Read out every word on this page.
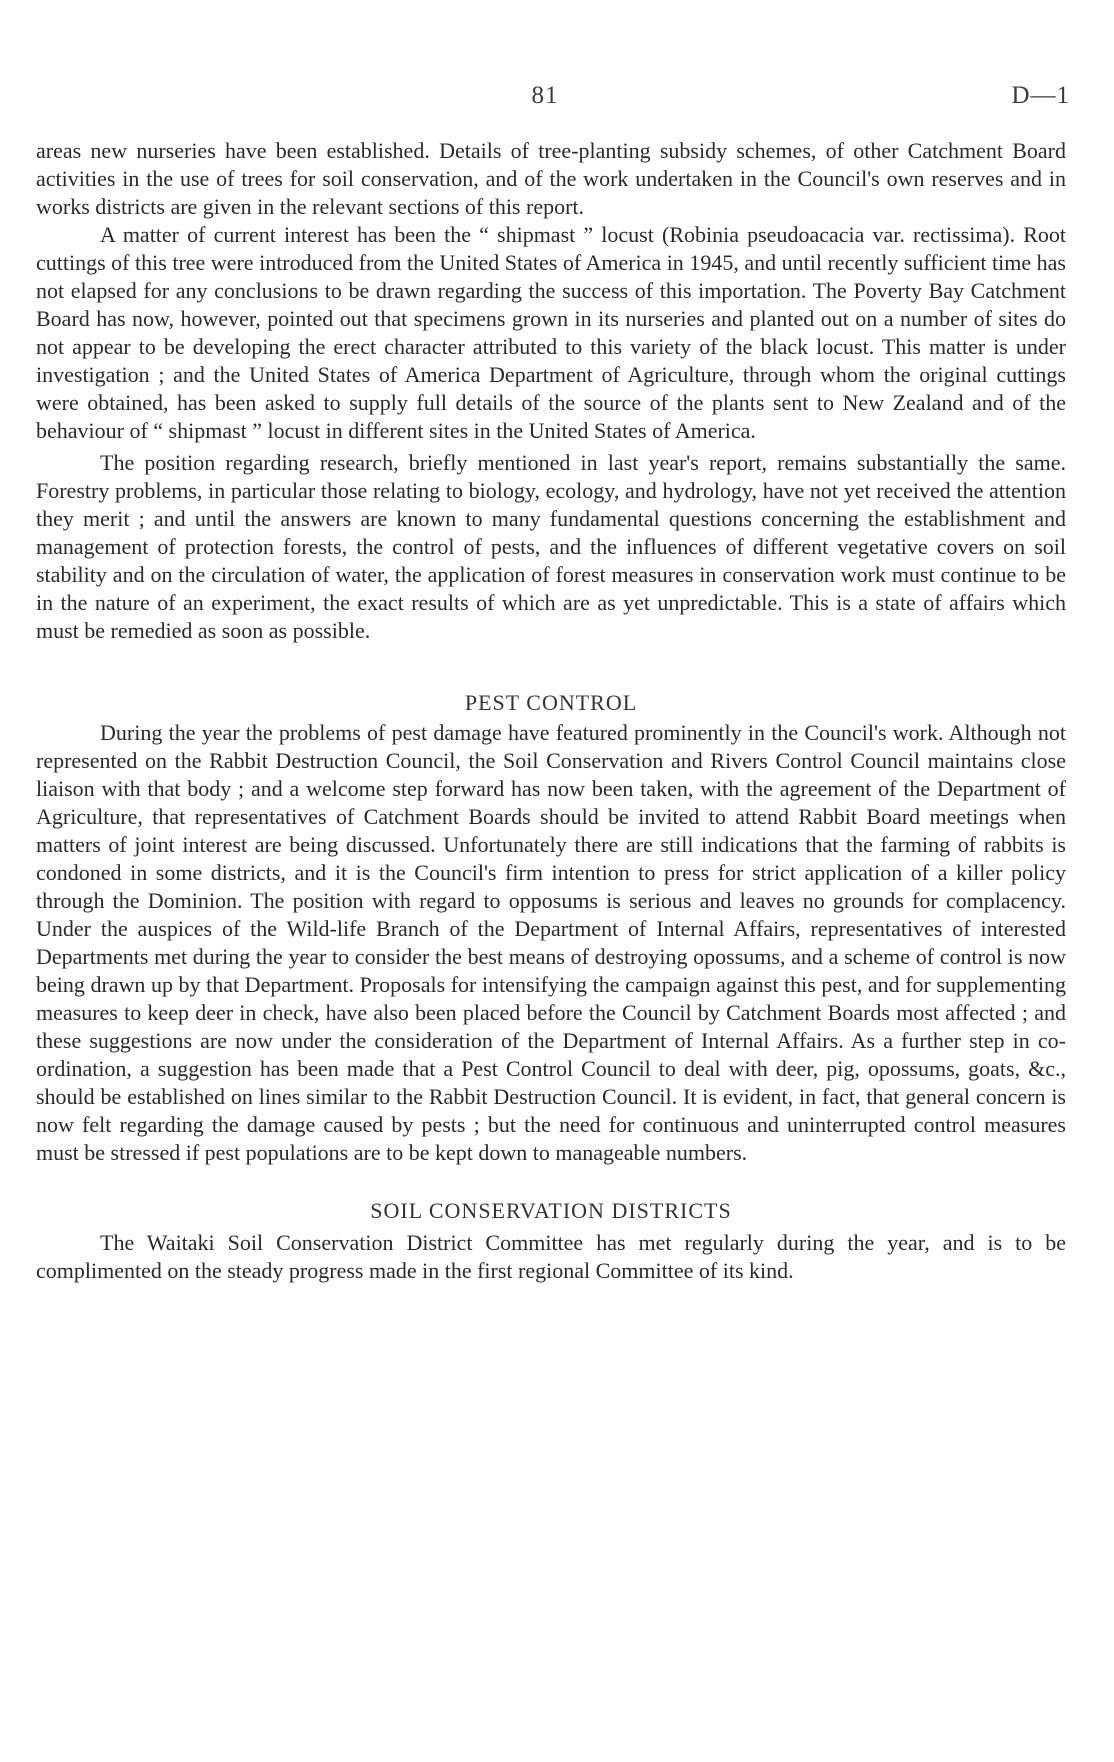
81	D—1

areas new nurseries have been established. Details of tree-planting subsidy schemes, of other Catchment Board activities in the use of trees for soil conservation, and of the work undertaken in the Council's own reserves and in works districts are given in the relevant sections of this report.

A matter of current interest has been the “ shipmast ” locust (Robinia pseudoacacia var. rectissima). Root cuttings of this tree were introduced from the United States of America in 1945, and until recently sufficient time has not elapsed for any conclusions to be drawn regarding the success of this importation. The Poverty Bay Catchment Board has now, however, pointed out that specimens grown in its nurseries and planted out on a number of sites do not appear to be developing the erect character attributed to this variety of the black locust. This matter is under investigation ; and the United States of America Department of Agriculture, through whom the original cuttings were obtained, has been asked to supply full details of the source of the plants sent to New Zealand and of the behaviour of “ shipmast ” locust in different sites in the United States of America.

The position regarding research, briefly mentioned in last year's report, remains substantially the same. Forestry problems, in particular those relating to biology, ecology, and hydrology, have not yet received the attention they merit ; and until the answers are known to many fundamental questions concerning the establishment and management of protection forests, the control of pests, and the influences of different vegetative covers on soil stability and on the circulation of water, the application of forest measures in conservation work must continue to be in the nature of an experiment, the exact results of which are as yet unpredictable. This is a state of affairs which must be remedied as soon as possible.

PEST CONTROL

During the year the problems of pest damage have featured prominently in the Council's work. Although not represented on the Rabbit Destruction Council, the Soil Conservation and Rivers Control Council maintains close liaison with that body ; and a welcome step forward has now been taken, with the agreement of the Department of Agriculture, that representatives of Catchment Boards should be invited to attend Rabbit Board meetings when matters of joint interest are being discussed. Unfortunately there are still indications that the farming of rabbits is condoned in some districts, and it is the Council's firm intention to press for strict application of a killer policy through the Dominion. The position with regard to opposums is serious and leaves no grounds for complacency. Under the auspices of the Wild-life Branch of the Department of Internal Affairs, representatives of interested Departments met during the year to consider the best means of destroying opossums, and a scheme of control is now being drawn up by that Department. Proposals for intensifying the campaign against this pest, and for supplementing measures to keep deer in check, have also been placed before the Council by Catchment Boards most affected ; and these suggestions are now under the consideration of the Department of Internal Affairs. As a further step in co-ordination, a suggestion has been made that a Pest Control Council to deal with deer, pig, opossums, goats, &c., should be established on lines similar to the Rabbit Destruction Council. It is evident, in fact, that general concern is now felt regarding the damage caused by pests ; but the need for continuous and uninterrupted control measures must be stressed if pest populations are to be kept down to manageable numbers.

SOIL CONSERVATION DISTRICTS

The Waitaki Soil Conservation District Committee has met regularly during the year, and is to be complimented on the steady progress made in the first regional Committee of its kind.
